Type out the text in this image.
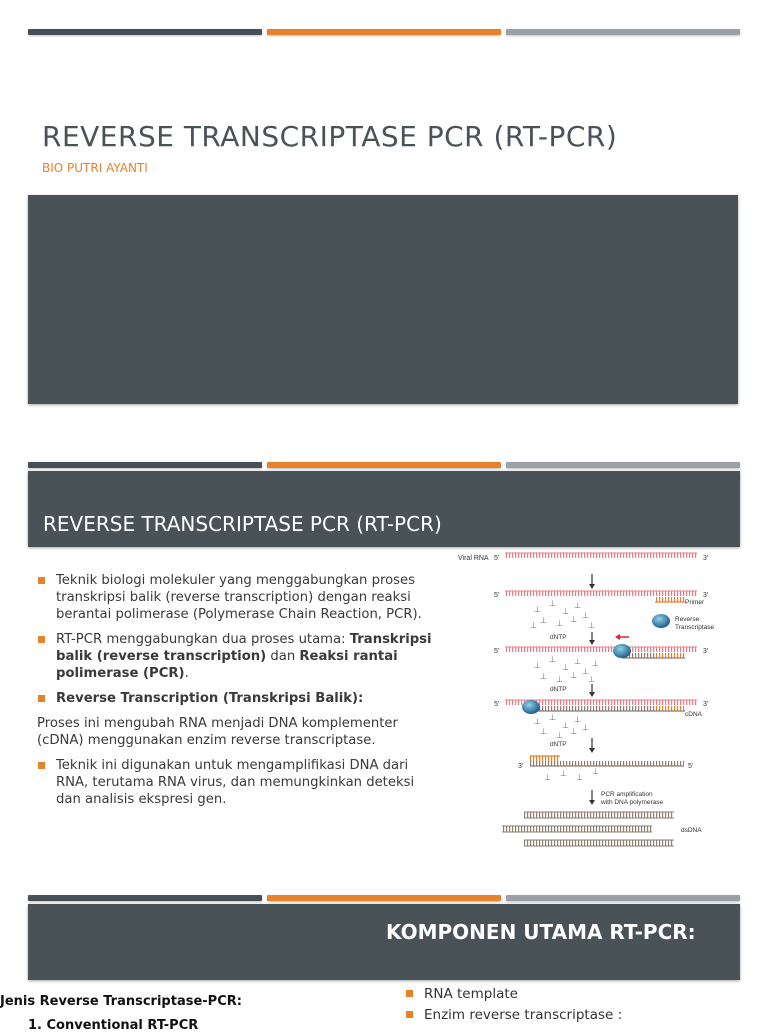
REVERSE TRANSCRIPTASE PCR (RT-PCR)
BIO PUTRI AYANTI
REVERSE TRANSCRIPTASE PCR (RT-PCR)
Teknik biologi molekuler yang menggabungkan proses transkripsi balik (reverse transcription) dengan reaksi berantai polimerase (Polymerase Chain Reaction, PCR).
RT-PCR menggabungkan dua proses utama: Transkripsi balik (reverse transcription) dan Reaksi rantai polimerase (PCR).
Reverse Transcription (Transkripsi Balik):

Proses ini mengubah RNA menjadi DNA komplementer (cDNA) menggunakan enzim reverse transcriptase.

Teknik ini digunakan untuk mengamplifikasi DNA dari RNA, terutama RNA virus, dan memungkinkan deteksi dan analisis ekspresi gen.
Viral RNA 5'	3'
5'	3'
Primer
⊥
⊥
⊥
⊥
⊥ ⊥ ⊥ ⊥
⊥	⊥
dNTP
Reverse
Transcriptase
5'	3'
⊥
⊥
⊥
⊥
⊥ ⊥ ⊥ ⊥
⊥
⊥
dNTP
5'	3'
cDNA
⊥ ⊥
⊥
⊥
⊥ ⊥ ⊥ ⊥
dNTP
3'	5'
⊥ ⊥ ⊥
⊥
PCR amplification
with DNA polymerase
dsDNA
KOMPONEN UTAMA RT-PCR:
Jenis Reverse Transcriptase-PCR:
1. Conventional RT-PCR
RNA template
Enzim reverse transcriptase :
